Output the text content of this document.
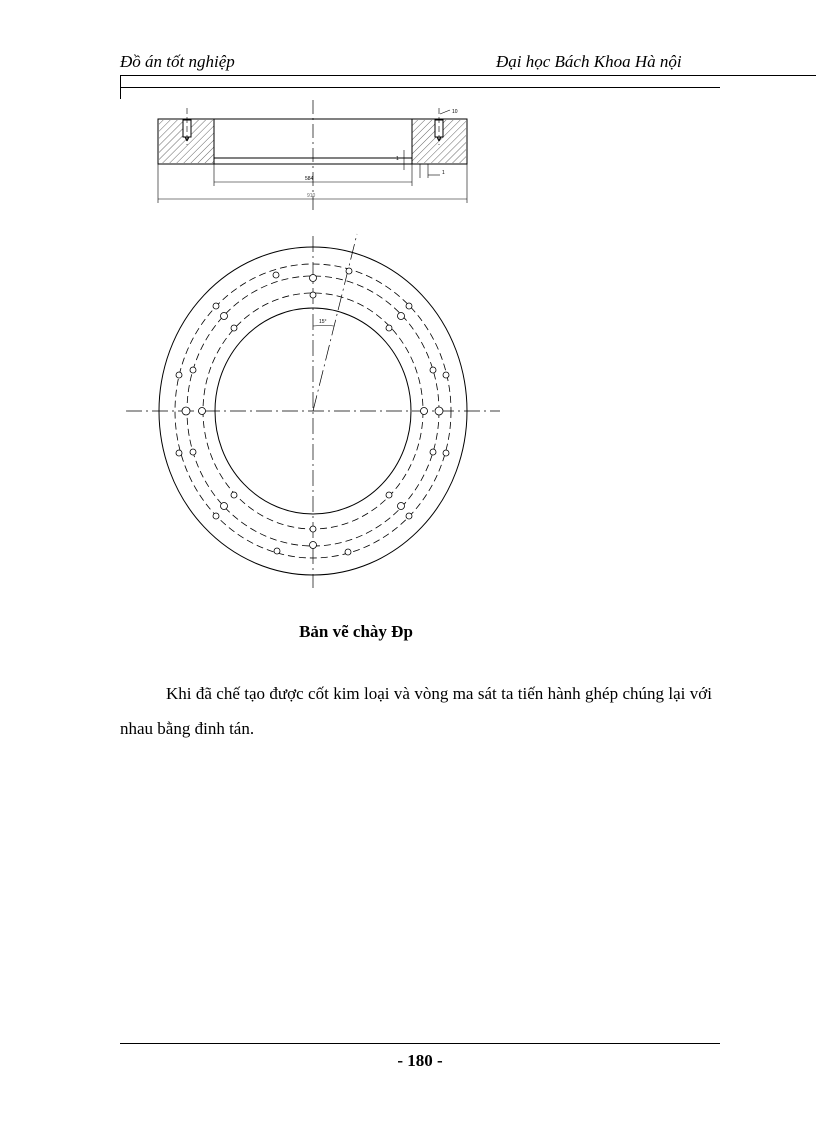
Đồ án tốt nghiệp	Đại học Bách Khoa Hà nội
10
1
584
1
910
15°
Bản vẽ chày Đp
Khi đã chế tạo được cốt kim loại và vòng ma sát ta tiến hành ghép chúng lại với nhau bằng đinh tán.
- 180 -
